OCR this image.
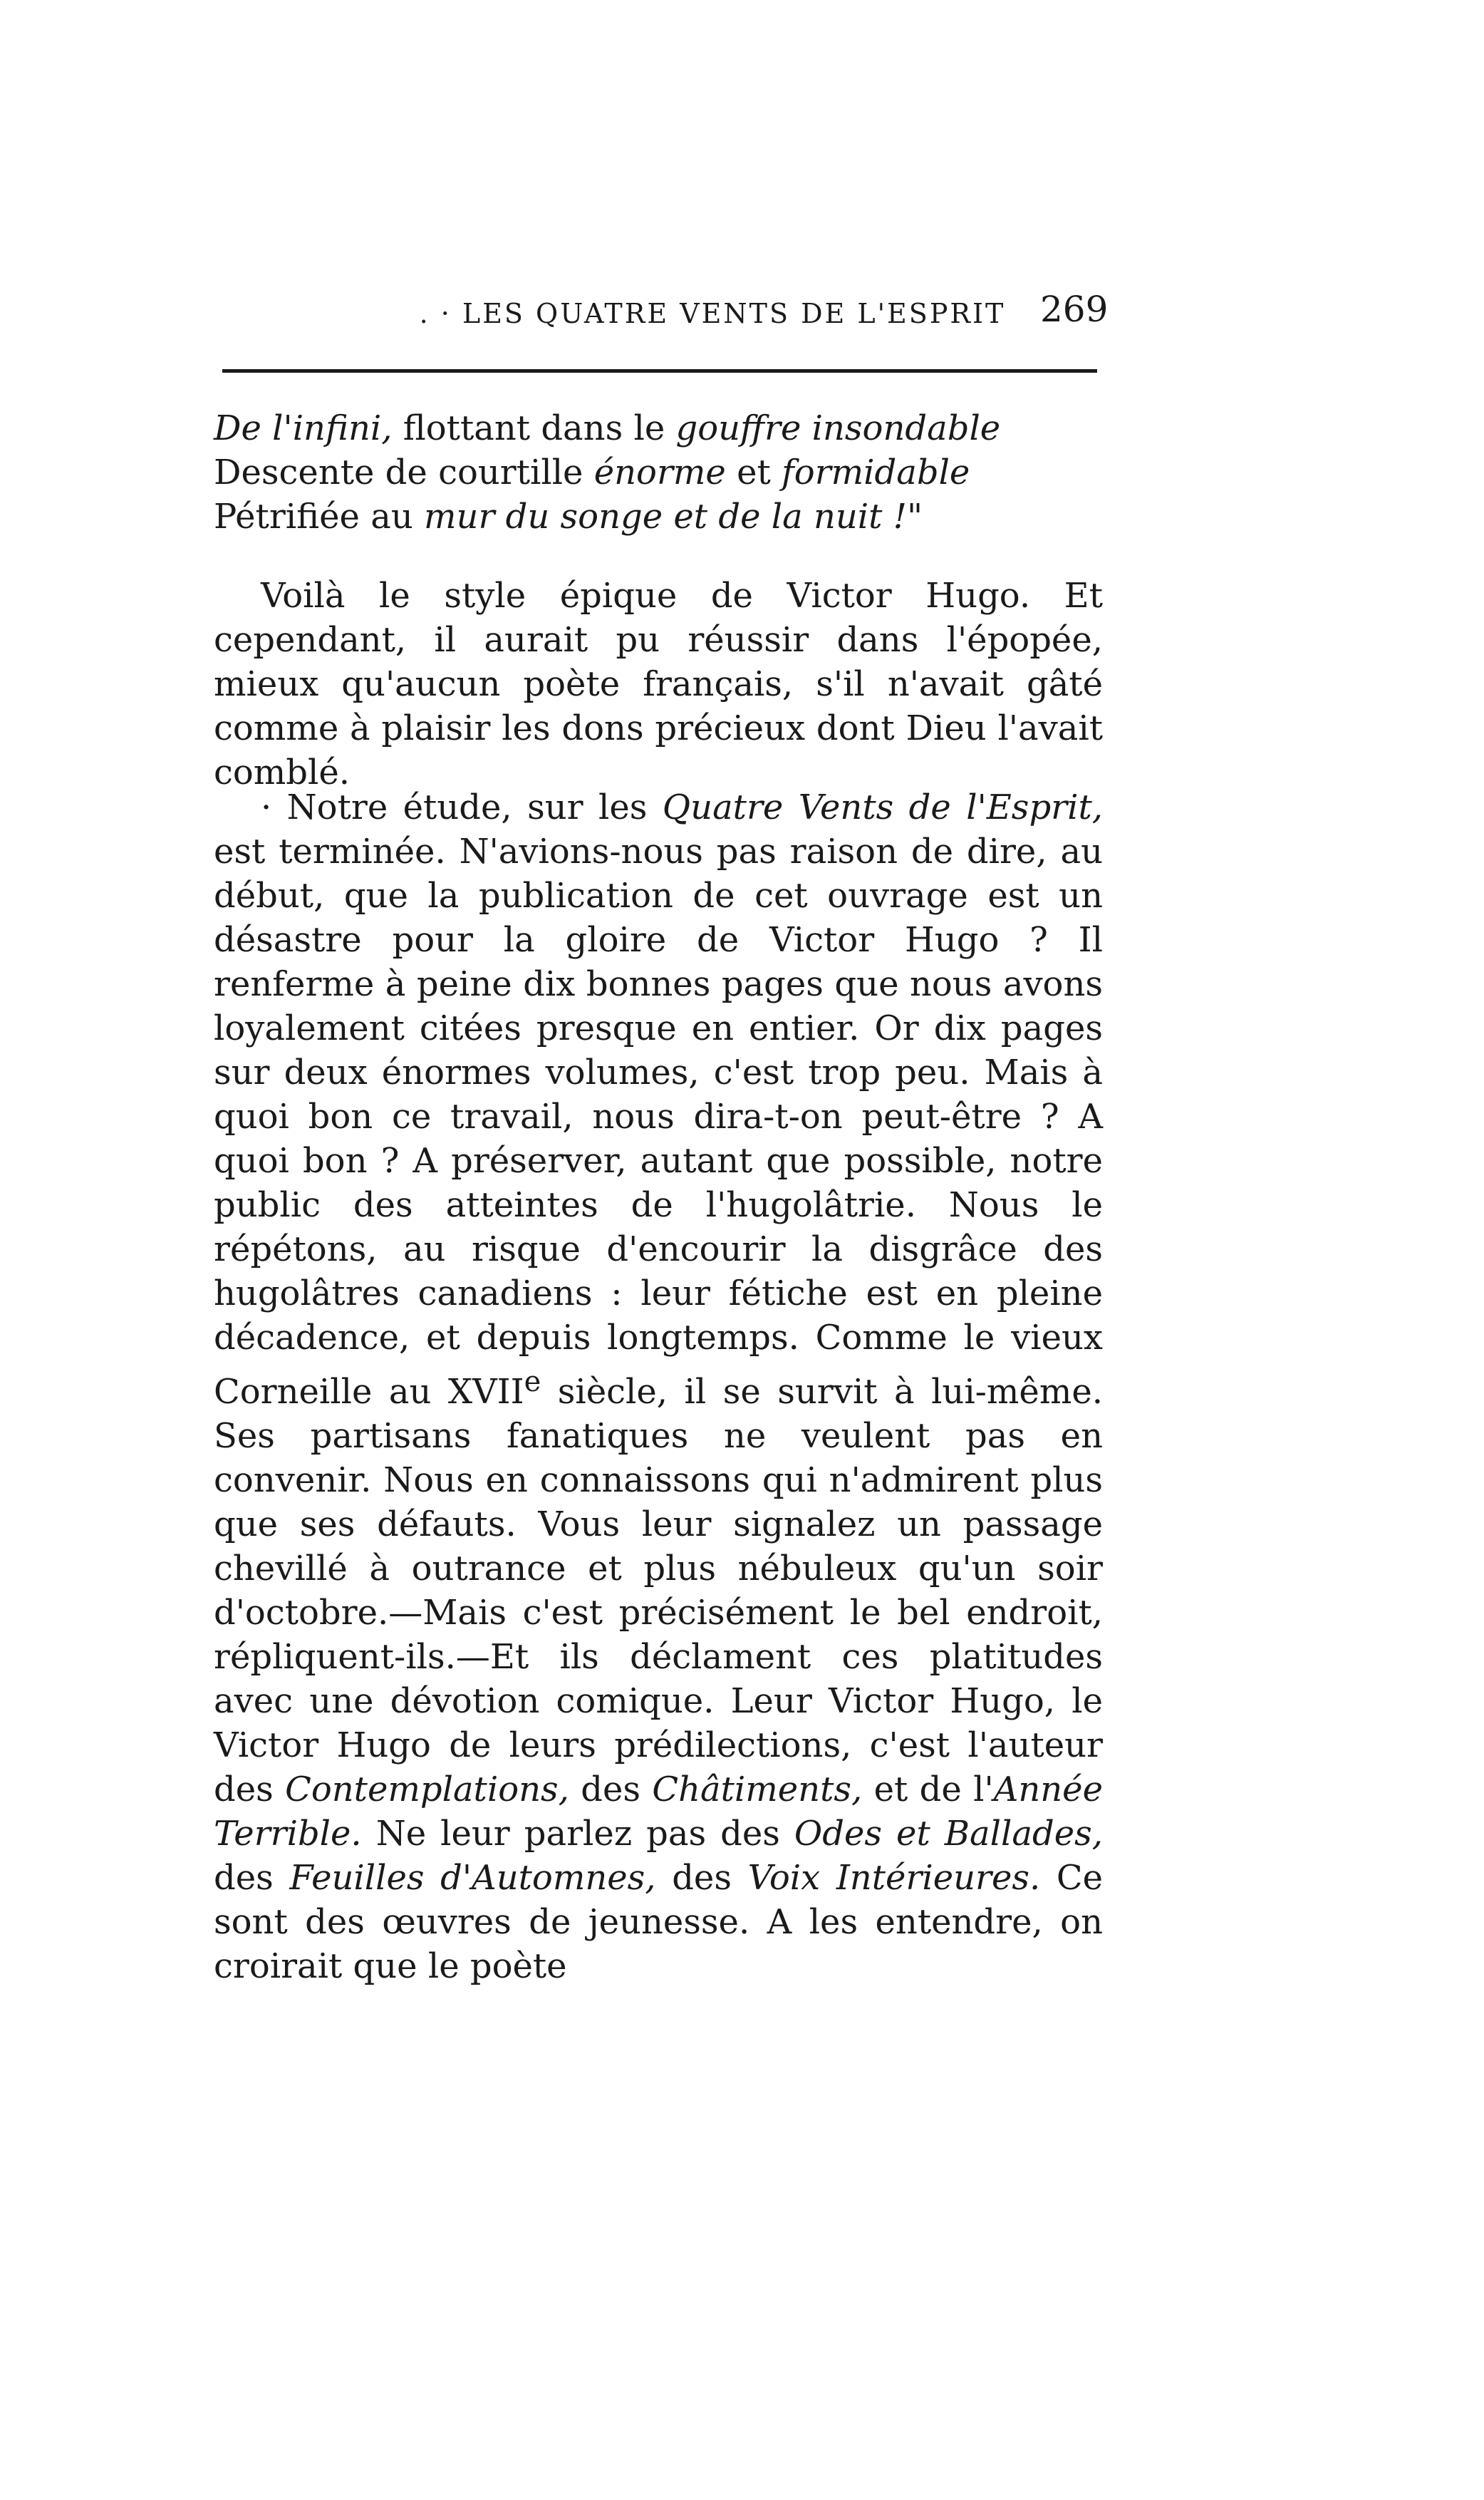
. · LES QUATRE VENTS DE L'ESPRIT 269
De l'infini, flottant dans le gouffre insondable
Descente de courtille énorme et formidable
Pétrifiée au mur du songe et de la nuit !"

Voilà le style épique de Victor Hugo. Et cependant, il aurait pu réussir dans l'épopée, mieux qu'aucun poète français, s'il n'avait gâté comme à plaisir les dons précieux dont Dieu l'avait comblé.

· Notre étude, sur les Quatre Vents de l'Esprit, est terminée. N'avions-nous pas raison de dire, au début, que la publication de cet ouvrage est un désastre pour la gloire de Victor Hugo ? Il renferme à peine dix bonnes pages que nous avons loyalement citées presque en entier. Or dix pages sur deux énormes volumes, c'est trop peu. Mais à quoi bon ce travail, nous dira-t-on peut-être ? A quoi bon ? A préserver, autant que possible, notre public des atteintes de l'hugolâtrie. Nous le répétons, au risque d'encourir la disgrâce des hugolâtres canadiens : leur fétiche est en pleine décadence, et depuis longtemps. Comme le vieux Corneille au XVIIe siècle, il se survit à lui-même. Ses partisans fanatiques ne veulent pas en convenir. Nous en connaissons qui n'admirent plus que ses défauts. Vous leur signalez un passage chevillé à outrance et plus nébuleux qu'un soir d'octobre.—Mais c'est précisément le bel endroit, répliquent-ils.—Et ils déclament ces platitudes avec une dévotion comique. Leur Victor Hugo, le Victor Hugo de leurs prédilections, c'est l'auteur des Contemplations, des Châtiments, et de l'Année Terrible. Ne leur parlez pas des Odes et Ballades, des Feuilles d'Automnes, des Voix Intérieures. Ce sont des œuvres de jeunesse. A les entendre, on croirait que le poète
